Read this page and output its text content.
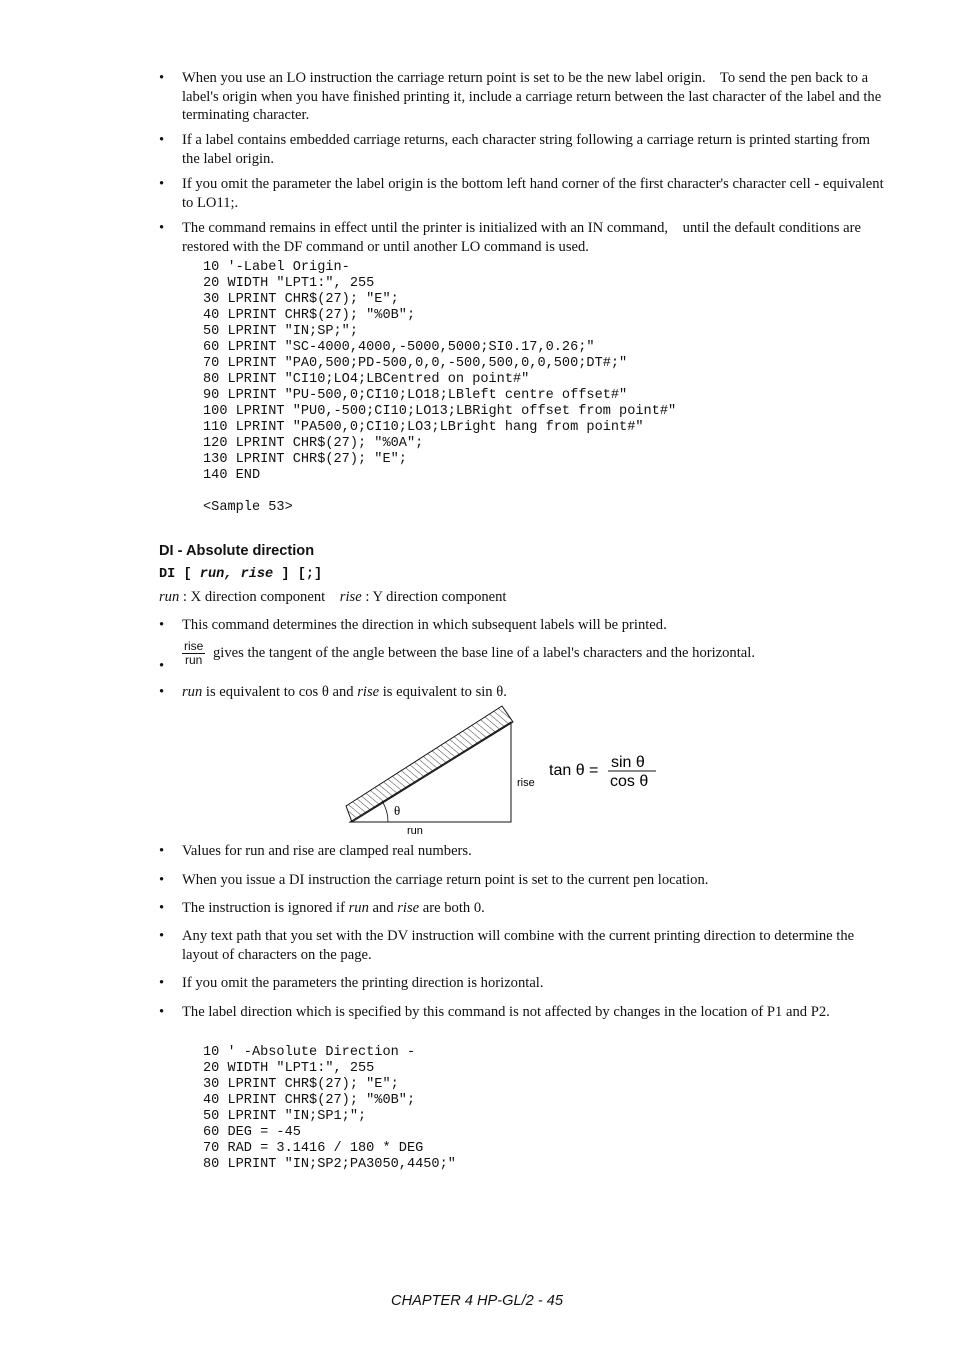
•	When you use an LO instruction the carriage return point is set to be the new label origin.    To send the pen back to a label's origin when you have finished printing it, include a carriage return between the last character of the label and the terminating character.
•	If a label contains embedded carriage returns, each character string following a carriage return is printed starting from the label origin.
•	If you omit the parameter the label origin is the bottom left hand corner of the first character's character cell - equivalent to LO11;.
•	The command remains in effect until the printer is initialized with an IN command,    until the default conditions are restored with the DF command or until another LO command is used.
10 '-Label Origin-
20 WIDTH "LPT1:", 255
30 LPRINT CHR$(27); "E";
40 LPRINT CHR$(27); "%0B";
50 LPRINT "IN;SP;";
60 LPRINT "SC-4000,4000,-5000,5000;SI0.17,0.26;"
70 LPRINT "PA0,500;PD-500,0,0,-500,500,0,0,500;DT#;"
80 LPRINT "CI10;LO4;LBCentred on point#"
90 LPRINT "PU-500,0;CI10;LO18;LBleft centre offset#"
100 LPRINT "PU0,-500;CI10;LO13;LBRight offset from point#"
110 LPRINT "PA500,0;CI10;LO3;LBright hang from point#"
120 LPRINT CHR$(27); "%0A";
130 LPRINT CHR$(27); "E";
140 END
<Sample 53>
DI - Absolute direction
DI [ run, rise ] [;]
run : X direction component rise : Y direction component
•	This command determines the direction in which subsequent labels will be printed.
•	$\frac{\text{rise}}{\text{run}}$ gives the tangent of the angle between the base line of a label's characters and the horizontal.
•	run is equivalent to cos θ and rise is equivalent to sin θ.
θ
rise
run
tan θ = sin θ
cos θ
•	Values for run and rise are clamped real numbers.
•	When you issue a DI instruction the carriage return point is set to the current pen location.
•	The instruction is ignored if run and rise are both 0.
•	Any text path that you set with the DV instruction will combine with the current printing direction to determine the layout of characters on the page.
•	If you omit the parameters the printing direction is horizontal.
•	The label direction which is specified by this command is not affected by changes in the location of P1 and P2.
10 ' -Absolute Direction -
20 WIDTH "LPT1:", 255
30 LPRINT CHR$(27); "E";
40 LPRINT CHR$(27); "%0B";
50 LPRINT "IN;SP1;";
60 DEG = -45
70 RAD = 3.1416 / 180 * DEG
80 LPRINT "IN;SP2;PA3050,4450;"
CHAPTER 4 HP-GL/2 - 45
